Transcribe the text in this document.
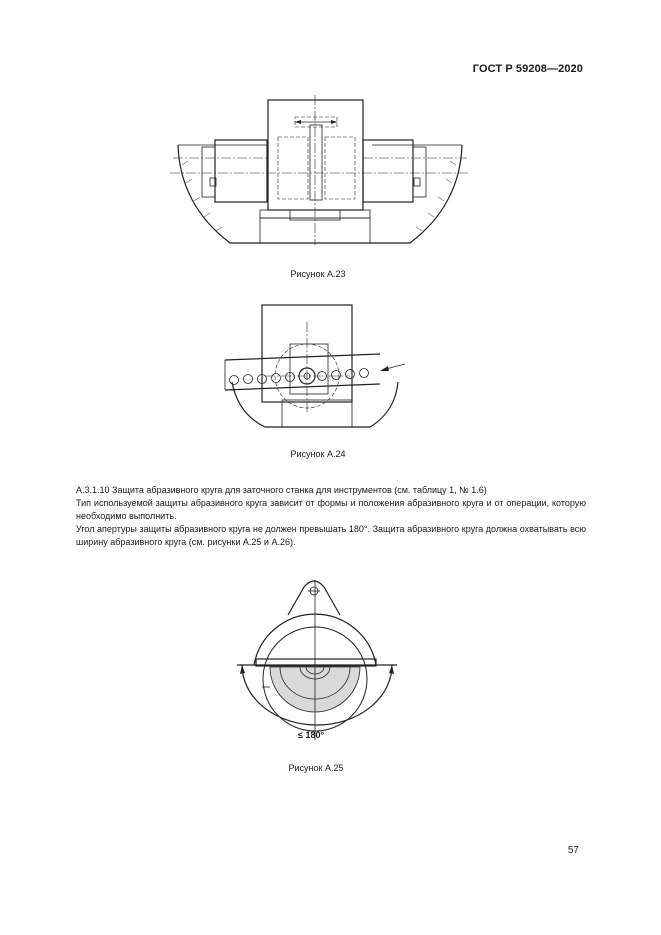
ГОСТ Р 59208—2020
Рисунок А.23
Рисунок А.24
А.3.1.10 Защита абразивного круга для заточного станка для инструментов (см. таблицу 1, № 1.6)
Тип используемой защиты абразивного круга зависит от формы и положения абразивного круга и от операции, которую необходимо выполнить.
Угол апертуры защиты абразивного круга не должен превышать 180°. Защита абразивного круга должна охватывать всю ширину абразивного круга (см. рисунки А.25 и А.26).
≤ 180°
Рисунок А.25
57
